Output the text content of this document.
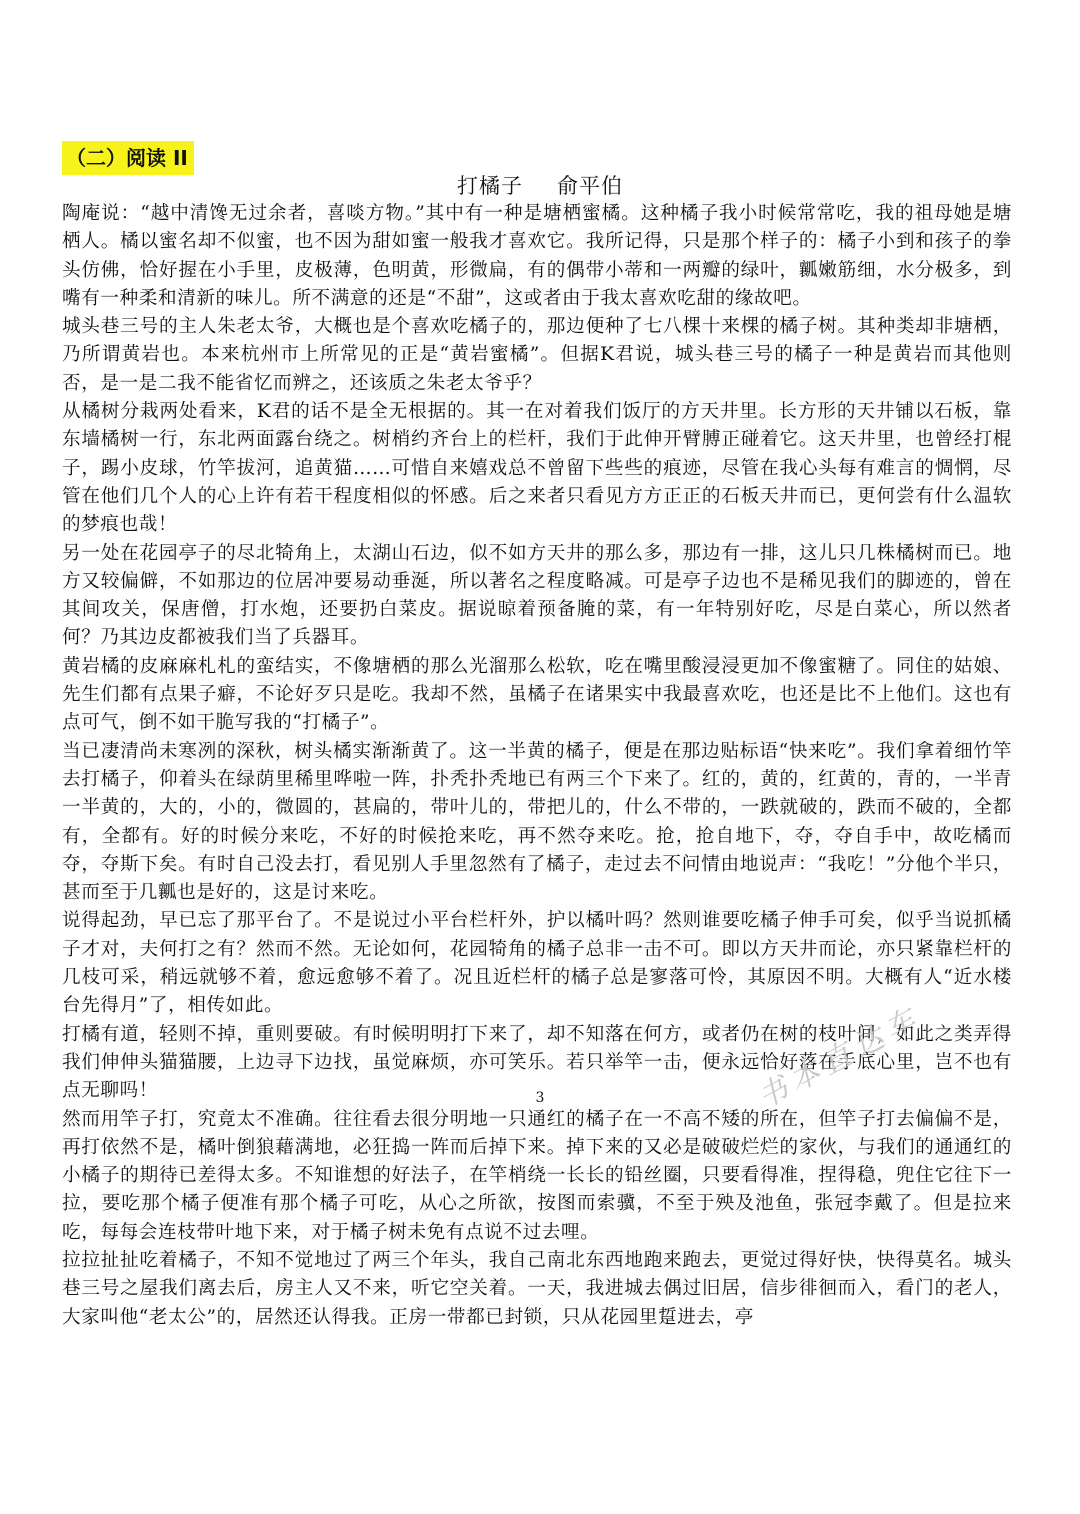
（二）阅读 II
打橘子 俞平伯

陶庵说：“越中清馋无过余者，喜啖方物。”其中有一种是塘栖蜜橘。这种橘子我小时候常常吃，我的祖母她是塘栖人。橘以蜜名却不似蜜，也不因为甜如蜜一般我才喜欢它。我所记得，只是那个样子的：橘子小到和孩子的拳头仿佛，恰好握在小手里，皮极薄，色明黄，形微扁，有的偶带小蒂和一两瓣的绿叶，瓤嫩筋细，水分极多，到嘴有一种柔和清新的味儿。所不满意的还是“不甜”，这或者由于我太喜欢吃甜的缘故吧。

城头巷三号的主人朱老太爷，大概也是个喜欢吃橘子的，那边便种了七八棵十来棵的橘子树。其种类却非塘栖，乃所谓黄岩也。本来杭州市上所常见的正是“黄岩蜜橘”。但据K君说，城头巷三号的橘子一种是黄岩而其他则否，是一是二我不能省忆而辨之，还该质之朱老太爷乎？

从橘树分栽两处看来，K君的话不是全无根据的。其一在对着我们饭厅的方天井里。长方形的天井铺以石板，靠东墙橘树一行，东北两面露台绕之。树梢约齐台上的栏杆，我们于此伸开臂膊正碰着它。这天井里，也曾经打棍子，踢小皮球，竹竿拔河，追黄猫……可惜自来嬉戏总不曾留下些些的痕迹，尽管在我心头每有难言的惆惘，尽管在他们几个人的心上许有若干程度相似的怀感。后之来者只看见方方正正的石板天井而已，更何尝有什么温软的梦痕也哉！

另一处在花园亭子的尽北犄角上，太湖山石边，似不如方天井的那么多，那边有一排，这儿只几株橘树而已。地方又较偏僻，不如那边的位居冲要易动垂涎，所以著名之程度略减。可是亭子边也不是稀见我们的脚迹的，曾在其间攻关，保唐僧，打水炮，还要扔白菜皮。据说晾着预备腌的菜，有一年特别好吃，尽是白菜心，所以然者何？乃其边皮都被我们当了兵器耳。

黄岩橘的皮麻麻札札的蛮结实，不像塘栖的那么光溜那么松软，吃在嘴里酸浸浸更加不像蜜糖了。同住的姑娘、先生们都有点果子癖，不论好歹只是吃。我却不然，虽橘子在诸果实中我最喜欢吃，也还是比不上他们。这也有点可气，倒不如干脆写我的“打橘子”。

当已凄清尚未寒冽的深秋，树头橘实渐渐黄了。这一半黄的橘子，便是在那边贴标语“快来吃”。我们拿着细竹竿去打橘子，仰着头在绿荫里稀里哗啦一阵，扑秃扑秃地已有两三个下来了。红的，黄的，红黄的，青的，一半青一半黄的，大的，小的，微圆的，甚扁的，带叶儿的，带把儿的，什么不带的，一跌就破的，跌而不破的，全都有，全都有。好的时候分来吃，不好的时候抢来吃，再不然夺来吃。抢，抢自地下，夺，夺自手中，故吃橘而夺，夺斯下矣。有时自己没去打，看见别人手里忽然有了橘子，走过去不问情由地说声：“我吃！”分他个半只，甚而至于几瓤也是好的，这是讨来吃。

说得起劲，早已忘了那平台了。不是说过小平台栏杆外，护以橘叶吗？然则谁要吃橘子伸手可矣，似乎当说抓橘子才对，夫何打之有？然而不然。无论如何，花园犄角的橘子总非一击不可。即以方天井而论，亦只紧靠栏杆的几枝可采，稍远就够不着，愈远愈够不着了。况且近栏杆的橘子总是寥落可怜，其原因不明。大概有人“近水楼台先得月”了，相传如此。

打橘有道，轻则不掉，重则要破。有时候明明打下来了，却不知落在何方，或者仍在树的枝叶间，如此之类弄得我们伸伸头猫猫腰，上边寻下边找，虽觉麻烦，亦可笑乐。若只举竿一击，便永远恰好落在手底心里，岂不也有点无聊吗！

然而用竿子打，究竟太不准确。往往看去很分明地一只通红的橘子在一不高不矮的所在，但竿子打去偏偏不是，再打依然不是，橘叶倒狼藉满地，必狂捣一阵而后掉下来。掉下来的又必是破破烂烂的家伙，与我们的通通红的小橘子的期待已差得太多。不知谁想的好法子，在竿梢绕一长长的铅丝圈，只要看得准，捏得稳，兜住它往下一拉，要吃那个橘子便准有那个橘子可吃，从心之所欲，按图而索骥，不至于殃及池鱼，张冠李戴了。但是拉来吃，每每会连枝带叶地下来，对于橘子树未免有点说不过去哩。

拉拉扯扯吃着橘子，不知不觉地过了两三个年头，我自己南北东西地跑来跑去，更觉过得好快，快得莫名。城头巷三号之屋我们离去后，房主人又不来，听它空关着。一天，我进城去偶过旧居，信步徘徊而入，看门的老人，大家叫他“老太公”的，居然还认得我。正房一带都已封锁，只从花园里踅进去，亭

3	书本直达车
